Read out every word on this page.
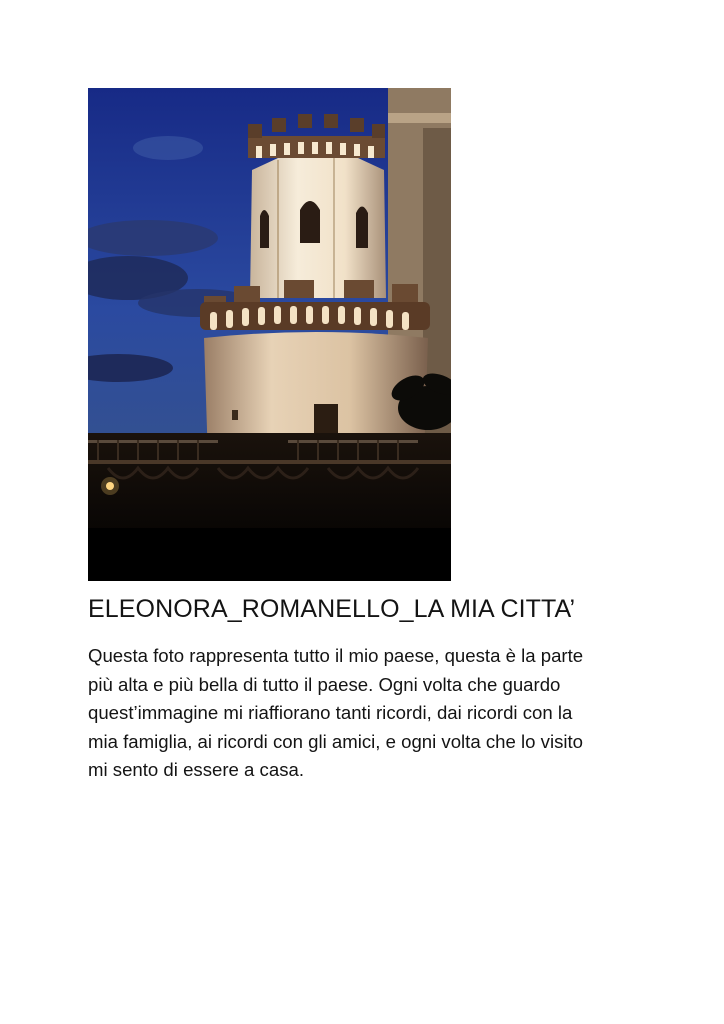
ELEONORA_ROMANELLO_LA MIA CITTA’

Questa foto rappresenta tutto il mio paese, questa è la parte

più alta e più bella di tutto il paese. Ogni volta che guardo

quest’immagine mi riaffiorano tanti ricordi, dai ricordi con la

mia famiglia, ai ricordi con gli amici, e ogni volta che lo visito

mi sento di essere a casa.
